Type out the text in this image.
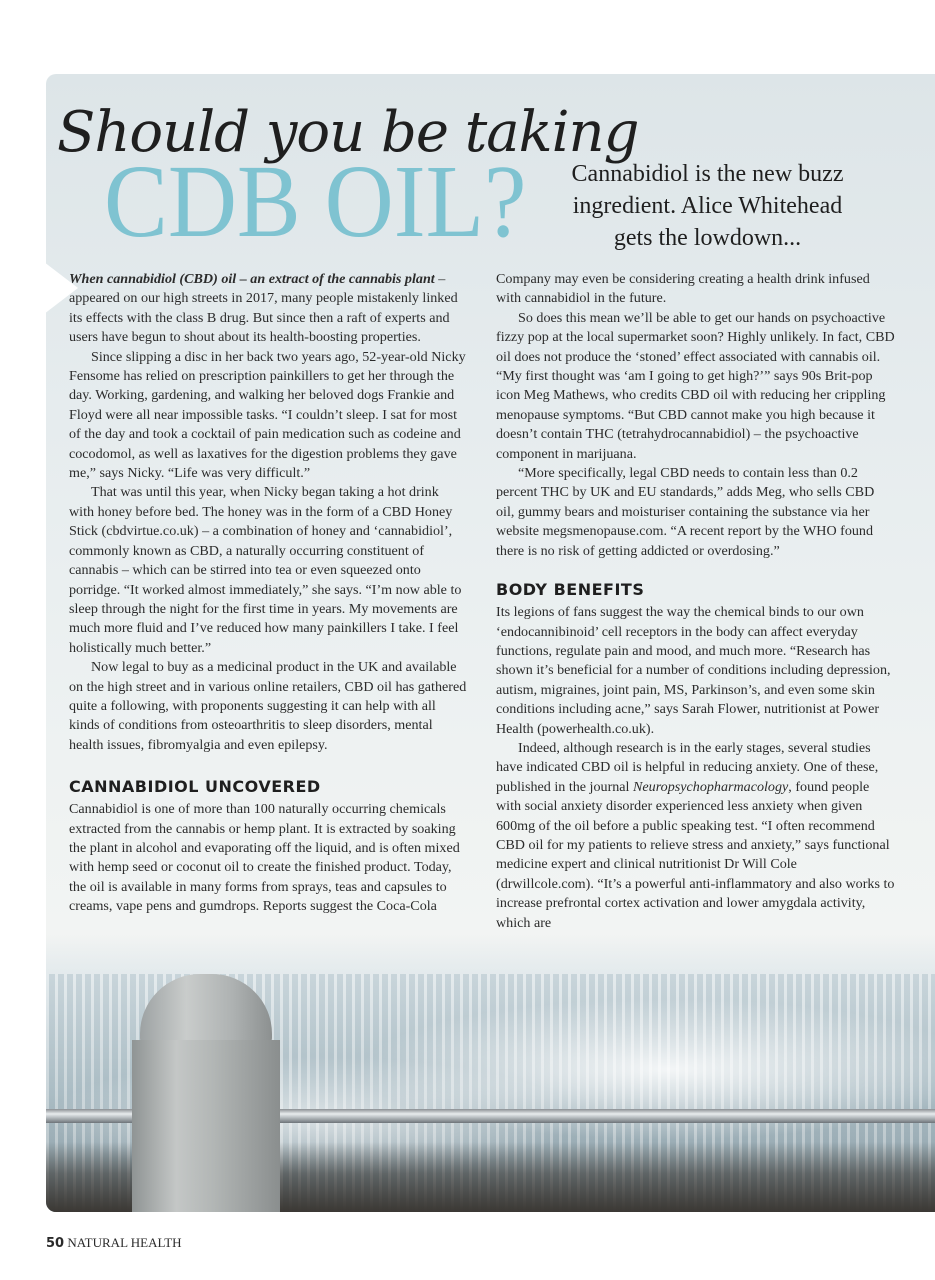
Should you be taking
CDB OIL?	Cannabidiol is the new buzz ingredient. Alice Whitehead gets the lowdown...

When cannabidiol (CBD) oil – an extract of the cannabis plant – appeared on our high streets in 2017, many people mistakenly linked its effects with the class B drug. But since then a raft of experts and users have begun to shout about its health-boosting properties.

Since slipping a disc in her back two years ago, 52-year-old Nicky Fensome has relied on prescription painkillers to get her through the day. Working, gardening, and walking her beloved dogs Frankie and Floyd were all near impossible tasks. “I couldn’t sleep. I sat for most of the day and took a cocktail of pain medication such as codeine and cocodomol, as well as laxatives for the digestion problems they gave me,” says Nicky. “Life was very difficult.”

That was until this year, when Nicky began taking a hot drink with honey before bed. The honey was in the form of a CBD Honey Stick (cbdvirtue.co.uk) – a combination of honey and ‘cannabidiol’, commonly known as CBD, a naturally occurring constituent of cannabis – which can be stirred into tea or even squeezed onto porridge. “It worked almost immediately,” she says. “I’m now able to sleep through the night for the first time in years. My movements are much more fluid and I’ve reduced how many painkillers I take. I feel holistically much better.”

Now legal to buy as a medicinal product in the UK and available on the high street and in various online retailers, CBD oil has gathered quite a following, with proponents suggesting it can help with all kinds of conditions from osteoarthritis to sleep disorders, mental health issues, fibromyalgia and even epilepsy.

CANNABIDIOL UNCOVERED

Cannabidiol is one of more than 100 naturally occurring chemicals extracted from the cannabis or hemp plant. It is extracted by soaking the plant in alcohol and evaporating off the liquid, and is often mixed with hemp seed or coconut oil to create the finished product. Today, the oil is available in many forms from sprays, teas and capsules to creams, vape pens and gumdrops. Reports suggest the Coca-Cola

Company may even be considering creating a health drink infused with cannabidiol in the future.

So does this mean we’ll be able to get our hands on psychoactive fizzy pop at the local supermarket soon? Highly unlikely. In fact, CBD oil does not produce the ‘stoned’ effect associated with cannabis oil. “My first thought was ‘am I going to get high?’” says 90s Brit-pop icon Meg Mathews, who credits CBD oil with reducing her crippling menopause symptoms. “But CBD cannot make you high because it doesn’t contain THC (tetrahydrocannabidiol) – the psychoactive component in marijuana.

“More specifically, legal CBD needs to contain less than 0.2 percent THC by UK and EU standards,” adds Meg, who sells CBD oil, gummy bears and moisturiser containing the substance via her website megsmenopause.com. “A recent report by the WHO found there is no risk of getting addicted or overdosing.”

BODY BENEFITS

Its legions of fans suggest the way the chemical binds to our own ‘endocannibinoid’ cell receptors in the body can affect everyday functions, regulate pain and mood, and much more. “Research has shown it’s beneficial for a number of conditions including depression, autism, migraines, joint pain, MS, Parkinson’s, and even some skin conditions including acne,” says Sarah Flower, nutritionist at Power Health (powerhealth.co.uk).

Indeed, although research is in the early stages, several studies have indicated CBD oil is helpful in reducing anxiety. One of these, published in the journal Neuropsychopharmacology, found people with social anxiety disorder experienced less anxiety when given 600mg of the oil before a public speaking test. “I often recommend CBD oil for my patients to relieve stress and anxiety,” says functional medicine expert and clinical nutritionist Dr Will Cole (drwillcole.com). “It’s a powerful anti-inflammatory and also works to increase prefrontal cortex activation and lower amygdala activity, which are

50 NATURAL HEALTH
